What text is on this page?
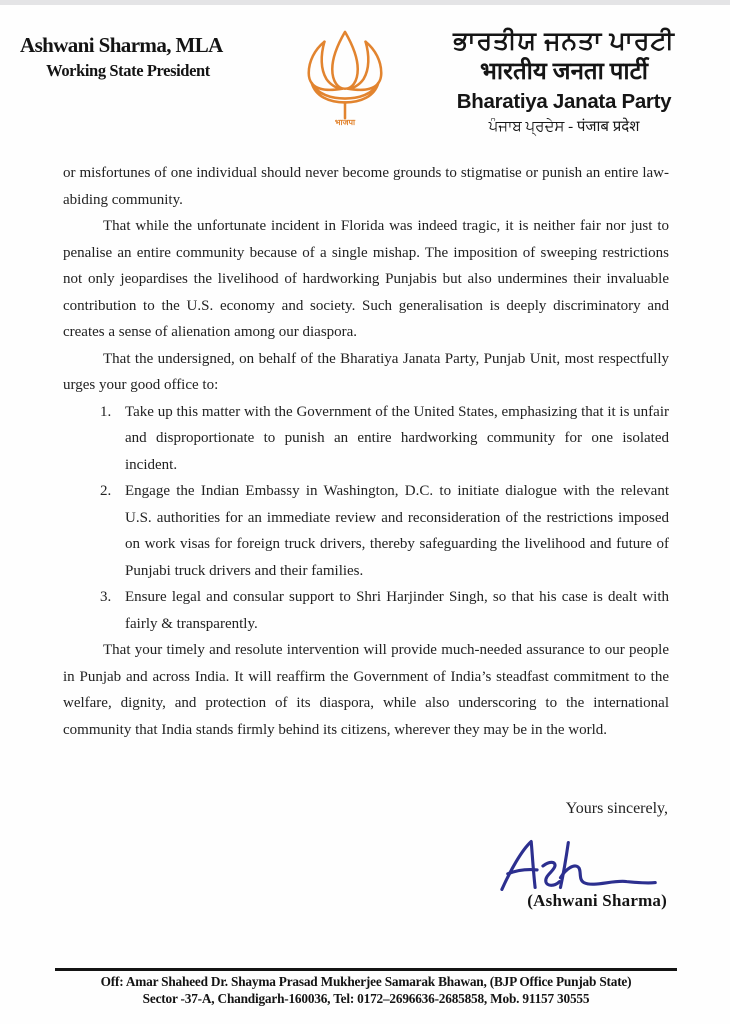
Ashwani Sharma, MLA
Working State President
भाजपा
ਭਾਰਤੀਯ ਜਨਤਾ ਪਾਰਟੀ
भारतीय जनता पार्टी
Bharatiya Janata Party
ਪੰਜਾਬ ਪ੍ਰਦੇਸ - पंजाब प्रदेश

or misfortunes of one individual should never become grounds to stigmatise or punish an entire law-abiding community.

That while the unfortunate incident in Florida was indeed tragic, it is neither fair nor just to penalise an entire community because of a single mishap. The imposition of sweeping restrictions not only jeopardises the livelihood of hardworking Punjabis but also undermines their invaluable contribution to the U.S. economy and society. Such generalisation is deeply discriminatory and creates a sense of alienation among our diaspora.

That the undersigned, on behalf of the Bharatiya Janata Party, Punjab Unit, most respectfully urges your good office to:

1. Take up this matter with the Government of the United States, emphasizing that it is unfair and disproportionate to punish an entire hardworking community for one isolated incident.
2. Engage the Indian Embassy in Washington, D.C. to initiate dialogue with the relevant U.S. authorities for an immediate review and reconsideration of the restrictions imposed on work visas for foreign truck drivers, thereby safeguarding the livelihood and future of Punjabi truck drivers and their families.
3. Ensure legal and consular support to Shri Harjinder Singh, so that his case is dealt with fairly & transparently.

That your timely and resolute intervention will provide much-needed assurance to our people in Punjab and across India. It will reaffirm the Government of India’s steadfast commitment to the welfare, dignity, and protection of its diaspora, while also underscoring to the international community that India stands firmly behind its citizens, wherever they may be in the world.

Yours sincerely,
(Ashwani Sharma)
Off: Amar Shaheed Dr. Shayma Prasad Mukherjee Samarak Bhawan, (BJP Office Punjab State)
Sector -37-A, Chandigarh-160036, Tel: 0172–2696636-2685858, Mob. 91157 30555
